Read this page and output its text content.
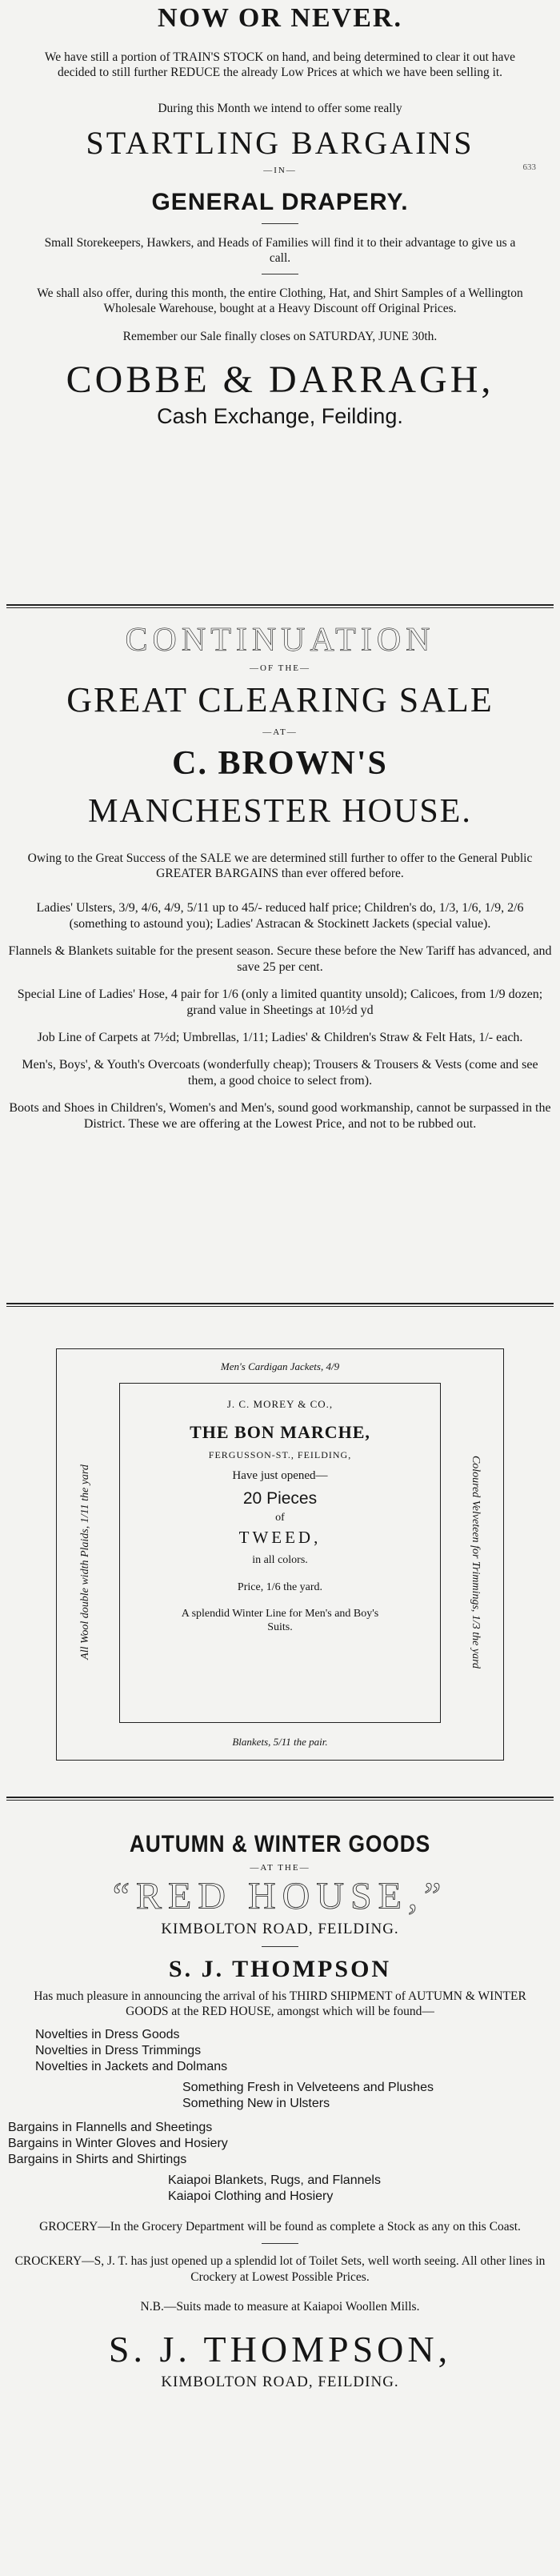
NOW OR NEVER.
We have still a portion of TRAIN'S STOCK on hand, and being determined to clear it out have decided to still further REDUCE the already Low Prices at which we have been selling it.
During this Month we intend to offer some really
STARTLING BARGAINS
—IN—	633
GENERAL DRAPERY.
Small Storekeepers, Hawkers, and Heads of Families will find it to their advantage to give us a call.
We shall also offer, during this month, the entire Clothing, Hat, and Shirt Samples of a Wellington Wholesale Warehouse, bought at a Heavy Discount off Original Prices.
Remember our Sale finally closes on SATURDAY, JUNE 30th.
COBBE & DARRAGH,
Cash Exchange, Feilding.
CONTINUATION
—OF THE—
GREAT CLEARING SALE
—AT—
C. BROWN'S
MANCHESTER HOUSE.
Owing to the Great Success of the SALE we are determined still further to offer to the General Public GREATER BARGAINS than ever offered before.
Ladies' Ulsters, 3/9, 4/6, 4/9, 5/11 up to 45/- reduced half price; Children's do, 1/3, 1/6, 1/9, 2/6 (something to astound you); Ladies' Astracan & Stockinett Jackets (special value).
Flannels & Blankets suitable for the present season. Secure these before the New Tariff has advanced, and save 25 per cent.
Special Line of Ladies' Hose, 4 pair for 1/6 (only a limited quantity unsold); Calicoes, from 1/9 dozen; grand value in Sheetings at 10½d yd
Job Line of Carpets at 7½d; Umbrellas, 1/11; Ladies' & Children's Straw & Felt Hats, 1/- each.
Men's, Boys', & Youth's Overcoats (wonderfully cheap); Trousers & Trousers & Vests (come and see them, a good choice to select from).
Boots and Shoes in Children's, Women's and Men's, sound good workmanship, cannot be surpassed in the District. These we are offering at the Lowest Price, and not to be rubbed out.
Men's Cardigan Jackets, 4/9
All Wool double width Plaids, 1/11 the yard	Coloured Velveteen for Trimmings, 1/3 the yard
Blankets, 5/11 the pair.
J. C. MOREY & CO.,
THE BON MARCHE,
FERGUSSON-ST., FEILDING,
Have just opened—
20 Pieces
of
TWEED,
in all colors.
Price, 1/6 the yard.
A splendid Winter Line for Men's and Boy's Suits.
AUTUMN & WINTER GOODS
—AT THE—
“RED HOUSE,”
KIMBOLTON ROAD, FEILDING.
S. J. THOMPSON
Has much pleasure in announcing the arrival of his THIRD SHIPMENT of AUTUMN & WINTER GOODS at the RED HOUSE, amongst which will be found—
Novelties in Dress Goods
Novelties in Dress Trimmings
Novelties in Jackets and Dolmans
Something Fresh in Velveteens and Plushes
Something New in Ulsters
Bargains in Flannells and Sheetings
Bargains in Winter Gloves and Hosiery
Bargains in Shirts and Shirtings
Kaiapoi Blankets, Rugs, and Flannels
Kaiapoi Clothing and Hosiery
GROCERY—In the Grocery Department will be found as complete a Stock as any on this Coast.
CROCKERY—S, J. T. has just opened up a splendid lot of Toilet Sets, well worth seeing. All other lines in Crockery at Lowest Possible Prices.
N.B.—Suits made to measure at Kaiapoi Woollen Mills.
S. J. THOMPSON,
KIMBOLTON ROAD, FEILDING.
